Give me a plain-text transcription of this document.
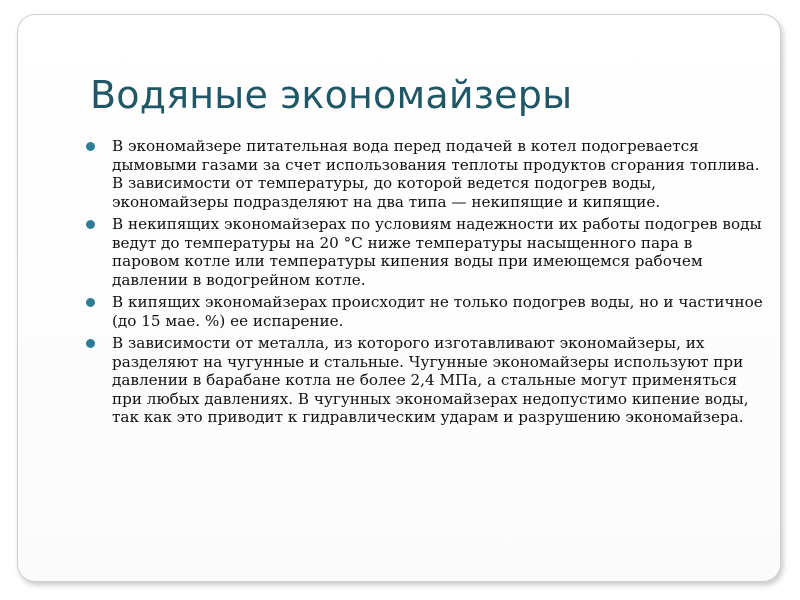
Водяные экономайзеры
В экономайзере питательная вода перед подачей в котел подогревается дымовыми газами за счет использования теплоты продуктов сгорания топлива. В зависимости от температуры, до которой ведется подогрев воды, экономайзеры подразделяют на два типа — некипящие и кипящие.
В некипящих экономайзерах по условиям надежности их работы подогрев воды ведут до температуры на 20 °С ниже температуры насыщенного пара в паровом котле или температуры кипения воды при имеющемся рабочем давлении в водогрейном котле.
В кипящих экономайзерах происходит не только подогрев воды, но и частичное (до 15 мае. %) ее испарение.
В зависимости от металла, из которого изготавливают экономайзеры, их разделяют на чугунные и стальные. Чугунные экономайзеры используют при давлении в барабане котла не более 2,4 МПа, а стальные могут применяться при любых давлениях. В чугунных экономайзерах недопустимо кипение воды, так как это приводит к гидравлическим ударам и разрушению экономайзера.
